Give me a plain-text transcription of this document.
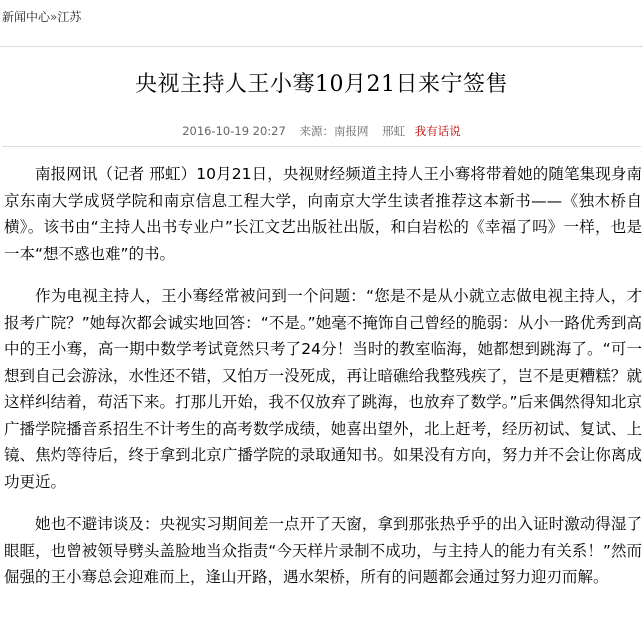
新闻中心»江苏
央视主持人王小骞10月21日来宁签售
2016-10-19 20:27 来源：南报网 邢虹 我有话说

南报网讯（记者 邢虹）10月21日，央视财经频道主持人王小骞将带着她的随笔集现身南京东南大学成贤学院和南京信息工程大学，向南京大学生读者推荐这本新书——《独木桥自横》。该书由“主持人出书专业户”长江文艺出版社出版，和白岩松的《幸福了吗》一样，也是一本“想不惑也难”的书。

作为电视主持人，王小骞经常被问到一个问题：“您是不是从小就立志做电视主持人，才报考广院？”她每次都会诚实地回答：“不是。”她毫不掩饰自己曾经的脆弱：从小一路优秀到高中的王小骞，高一期中数学考试竟然只考了24分！当时的教室临海，她都想到跳海了。“可一想到自己会游泳，水性还不错，又怕万一没死成，再让暗礁给我整残疾了，岂不是更糟糕？就这样纠结着，苟活下来。打那儿开始，我不仅放弃了跳海，也放弃了数学。”后来偶然得知北京广播学院播音系招生不计考生的高考数学成绩，她喜出望外，北上赶考，经历初试、复试、上镜、焦灼等待后，终于拿到北京广播学院的录取通知书。如果没有方向，努力并不会让你离成功更近。

她也不避讳谈及：央视实习期间差一点开了天窗，拿到那张热乎乎的出入证时激动得湿了眼眶，也曾被领导劈头盖脸地当众指责“今天样片录制不成功，与主持人的能力有关系！”然而倔强的王小骞总会迎难而上，逢山开路，遇水架桥，所有的问题都会通过努力迎刃而解。
